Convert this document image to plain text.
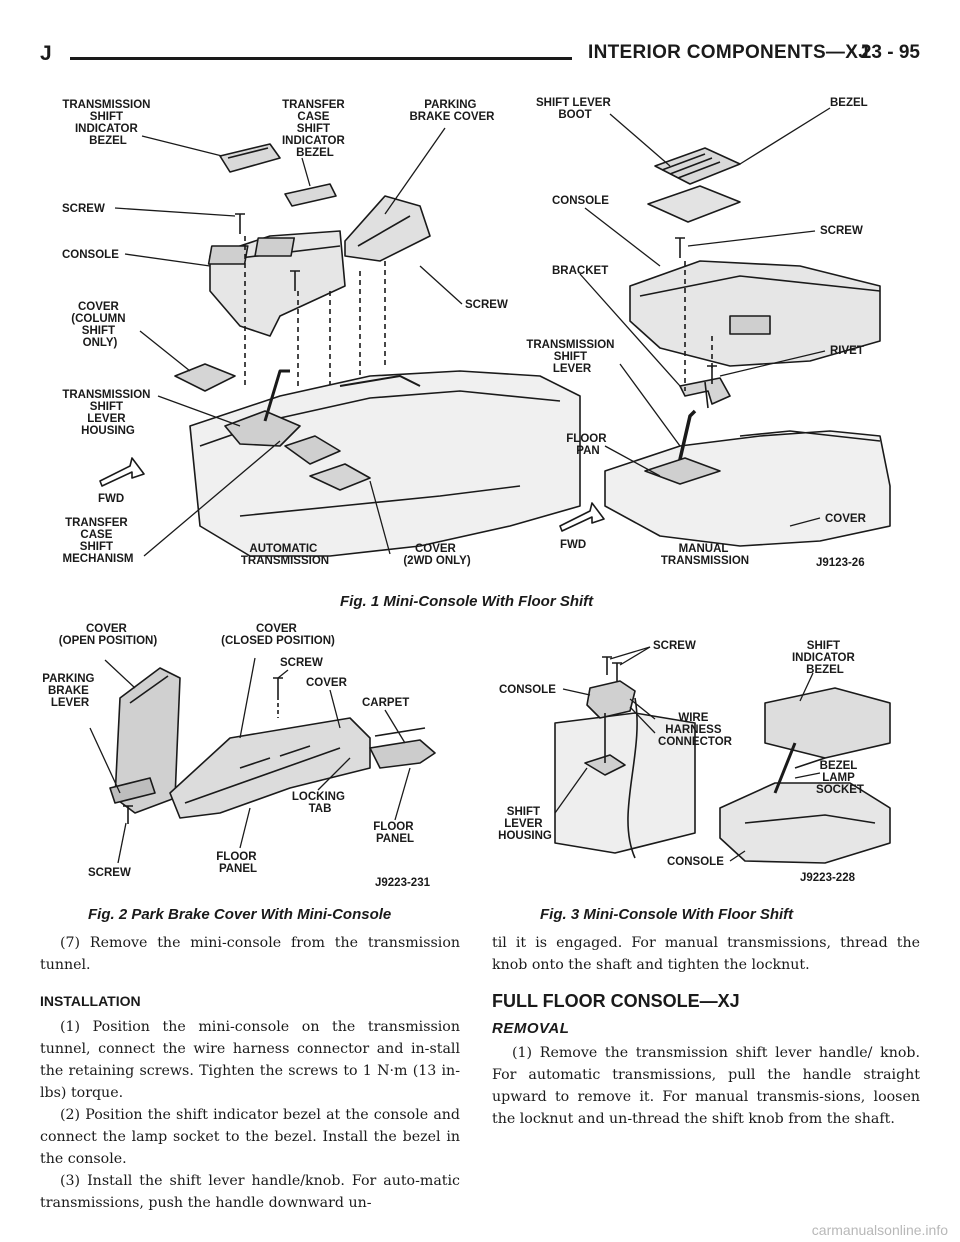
J	INTERIOR COMPONENTS—XJ
23 - 95
TRANSMISSION SHIFT INDICATOR BEZEL
TRANSFER CASE SHIFT INDICATOR BEZEL
PARKING BRAKE COVER
SCREW
CONSOLE
SCREW
COVER (COLUMN SHIFT ONLY)
TRANSMISSION SHIFT LEVER HOUSING
FWD
TRANSFER CASE SHIFT MECHANISM
AUTOMATIC TRANSMISSION
COVER (2WD ONLY)
SHIFT LEVER BOOT
BEZEL
CONSOLE
SCREW
BRACKET
TRANSMISSION SHIFT LEVER
RIVET
FLOOR PAN
COVER
FWD	MANUAL TRANSMISSION	J9123-26
Fig. 1 Mini-Console With Floor Shift
COVER (OPEN POSITION)
COVER (CLOSED POSITION)
SCREW
COVER
CARPET
PARKING BRAKE LEVER
LOCKING TAB
FLOOR PANEL
SCREW
FLOOR PANEL
J9223-231
Fig. 2 Park Brake Cover With Mini-Console
SCREW
CONSOLE
WIRE HARNESS CONNECTOR
SHIFT INDICATOR BEZEL
BEZEL LAMP SOCKET
SHIFT LEVER HOUSING
CONSOLE
J9223-228
Fig. 3 Mini-Console With Floor Shift

(7) Remove the mini-console from the transmission tunnel.

INSTALLATION

(1) Position the mini-console on the transmission tunnel, connect the wire harness connector and in-stall the retaining screws. Tighten the screws to 1 N·m (13 in-lbs) torque.

(2) Position the shift indicator bezel at the console and connect the lamp socket to the bezel. Install the bezel in the console.

(3) Install the shift lever handle/knob. For auto-matic transmissions, push the handle downward un-

til it is engaged. For manual transmissions, thread the knob onto the shaft and tighten the locknut.

FULL FLOOR CONSOLE—XJ
REMOVAL

(1) Remove the transmission shift lever handle/ knob. For automatic transmissions, pull the handle straight upward to remove it. For manual transmis-sions, loosen the locknut and un-thread the shift knob from the shaft.

carmanualsonline.info
